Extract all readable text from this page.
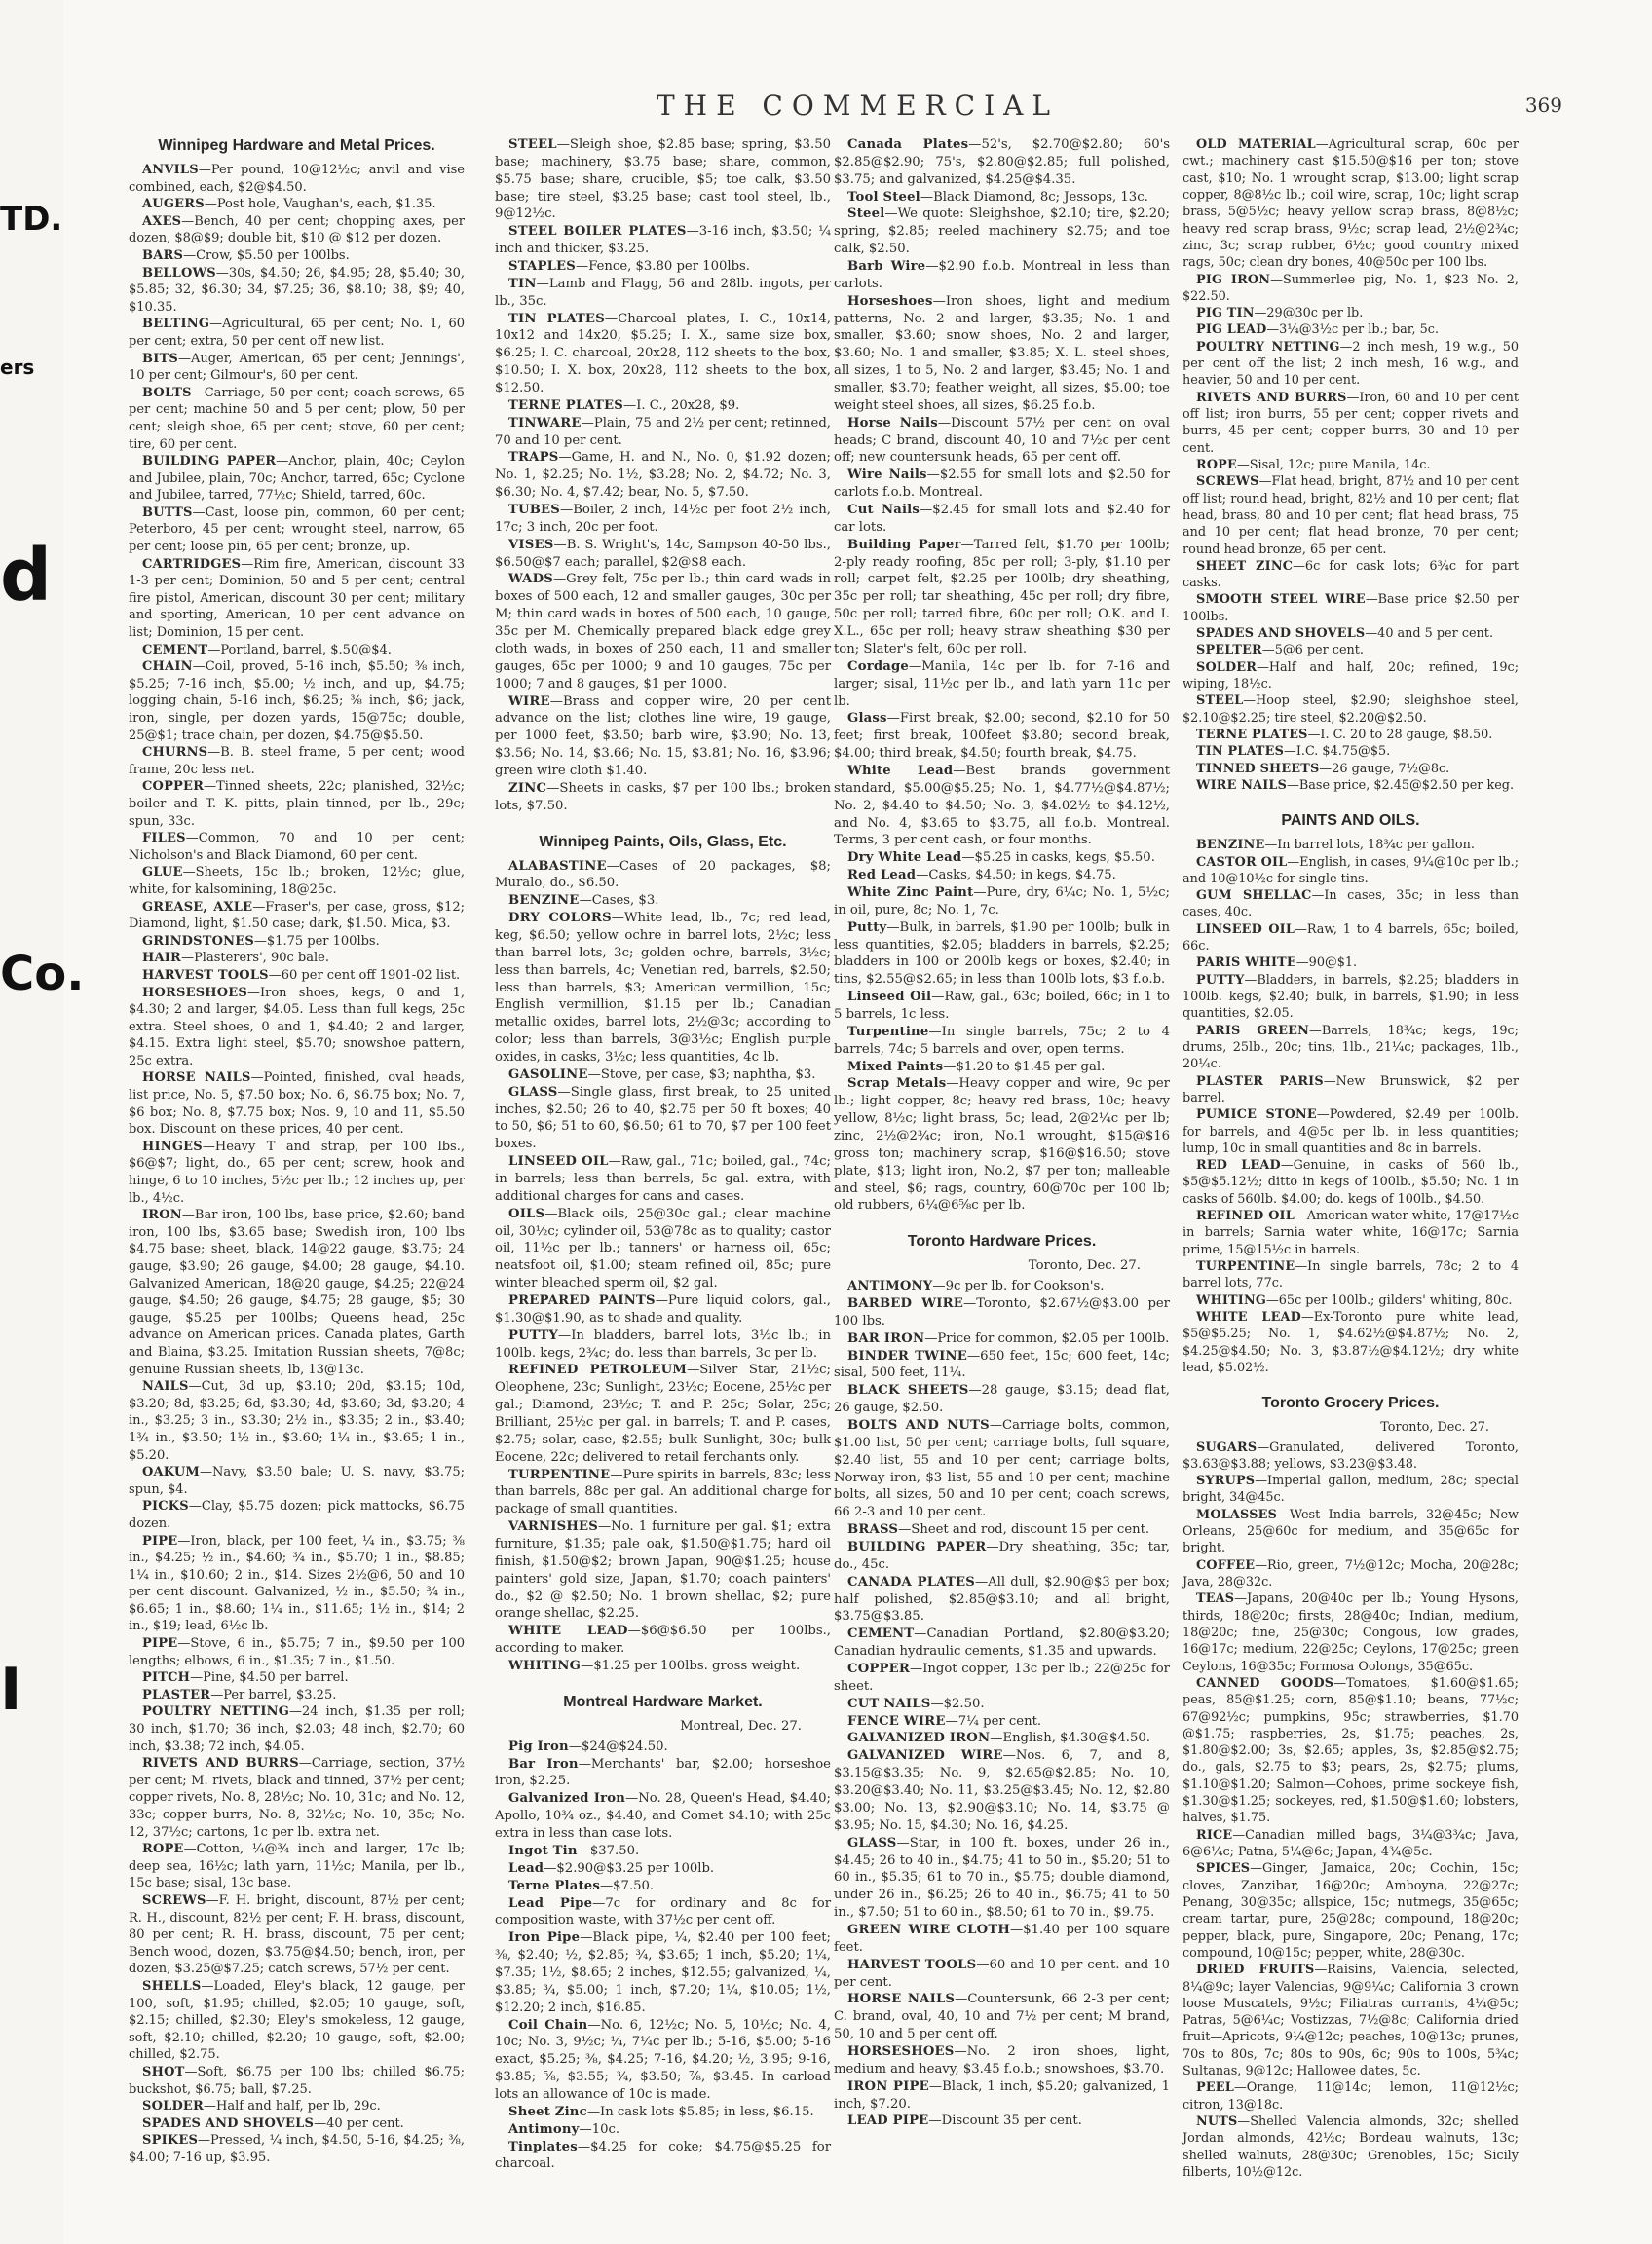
THE COMMERCIAL	369
Winnipeg Hardware and Metal Prices.

ANVILS—Per pound, 10@12½c; anvil and vise combined, each, $2@$4.50.

AUGERS—Post hole, Vaughan's, each, $1.35.

AXES—Bench, 40 per cent; chopping axes, per dozen, $8@$9; double bit, $10 @ $12 per dozen.

BARS—Crow, $5.50 per 100lbs.

BELLOWS—30s, $4.50; 26, $4.95; 28, $5.40; 30, $5.85; 32, $6.30; 34, $7.25; 36, $8.10; 38, $9; 40, $10.35.

BELTING—Agricultural, 65 per cent; No. 1, 60 per cent; extra, 50 per cent off new list.

BITS—Auger, American, 65 per cent; Jennings', 10 per cent; Gilmour's, 60 per cent.

BOLTS—Carriage, 50 per cent; coach screws, 65 per cent; machine 50 and 5 per cent; plow, 50 per cent; sleigh shoe, 65 per cent; stove, 60 per cent; tire, 60 per cent.

BUILDING PAPER—Anchor, plain, 40c; Ceylon and Jubilee, plain, 70c; Anchor, tarred, 65c; Cyclone and Jubilee, tarred, 77½c; Shield, tarred, 60c.

BUTTS—Cast, loose pin, common, 60 per cent; Peterboro, 45 per cent; wrought steel, narrow, 65 per cent; loose pin, 65 per cent; bronze, up.

CARTRIDGES—Rim fire, American, discount 33 1-3 per cent; Dominion, 50 and 5 per cent; central fire pistol, American, discount 30 per cent; military and sporting, American, 10 per cent advance on list; Dominion, 15 per cent.

CEMENT—Portland, barrel, $.50@$4.

CHAIN—Coil, proved, 5-16 inch, $5.50; ⅜ inch, $5.25; 7-16 inch, $5.00; ½ inch, and up, $4.75; logging chain, 5-16 inch, $6.25; ⅜ inch, $6; jack, iron, single, per dozen yards, 15@75c; double, 25@$1; trace chain, per dozen, $4.75@$5.50.

CHURNS—B. B. steel frame, 5 per cent; wood frame, 20c less net.

COPPER—Tinned sheets, 22c; planished, 32½c; boiler and T. K. pitts, plain tinned, per lb., 29c; spun, 33c.

FILES—Common, 70 and 10 per cent; Nicholson's and Black Diamond, 60 per cent.

GLUE—Sheets, 15c lb.; broken, 12½c; glue, white, for kalsomining, 18@25c.

GREASE, AXLE—Fraser's, per case, gross, $12; Diamond, light, $1.50 case; dark, $1.50. Mica, $3.

GRINDSTONES—$1.75 per 100lbs.

HAIR—Plasterers', 90c bale.

HARVEST TOOLS—60 per cent off 1901-02 list.

HORSESHOES—Iron shoes, kegs, 0 and 1, $4.30; 2 and larger, $4.05. Less than full kegs, 25c extra. Steel shoes, 0 and 1, $4.40; 2 and larger, $4.15. Extra light steel, $5.70; snowshoe pattern, 25c extra.

HORSE NAILS—Pointed, finished, oval heads, list price, No. 5, $7.50 box; No. 6, $6.75 box; No. 7, $6 box; No. 8, $7.75 box; Nos. 9, 10 and 11, $5.50 box. Discount on these prices, 40 per cent.

HINGES—Heavy T and strap, per 100 lbs., $6@$7; light, do., 65 per cent; screw, hook and hinge, 6 to 10 inches, 5½c per lb.; 12 inches up, per lb., 4½c.

IRON—Bar iron, 100 lbs, base price, $2.60; band iron, 100 lbs, $3.65 base; Swedish iron, 100 lbs $4.75 base; sheet, black, 14@22 gauge, $3.75; 24 gauge, $3.90; 26 gauge, $4.00; 28 gauge, $4.10. Galvanized American, 18@20 gauge, $4.25; 22@24 gauge, $4.50; 26 gauge, $4.75; 28 gauge, $5; 30 gauge, $5.25 per 100lbs; Queens head, 25c advance on American prices. Canada plates, Garth and Blaina, $3.25. Imitation Russian sheets, 7@8c; genuine Russian sheets, lb, 13@13c.

NAILS—Cut, 3d up, $3.10; 20d, $3.15; 10d, $3.20; 8d, $3.25; 6d, $3.30; 4d, $3.60; 3d, $3.20; 4 in., $3.25; 3 in., $3.30; 2½ in., $3.35; 2 in., $3.40; 1¾ in., $3.50; 1½ in., $3.60; 1¼ in., $3.65; 1 in., $5.20.

OAKUM—Navy, $3.50 bale; U. S. navy, $3.75; spun, $4.

PICKS—Clay, $5.75 dozen; pick mattocks, $6.75 dozen.

PIPE—Iron, black, per 100 feet, ¼ in., $3.75; ⅜ in., $4.25; ½ in., $4.60; ¾ in., $5.70; 1 in., $8.85; 1¼ in., $10.60; 2 in., $14. Sizes 2½@6, 50 and 10 per cent discount. Galvanized, ½ in., $5.50; ¾ in., $6.65; 1 in., $8.60; 1¼ in., $11.65; 1½ in., $14; 2 in., $19; lead, 6½c lb.

PIPE—Stove, 6 in., $5.75; 7 in., $9.50 per 100 lengths; elbows, 6 in., $1.35; 7 in., $1.50.

PITCH—Pine, $4.50 per barrel.

PLASTER—Per barrel, $3.25.

POULTRY NETTING—24 inch, $1.35 per roll; 30 inch, $1.70; 36 inch, $2.03; 48 inch, $2.70; 60 inch, $3.38; 72 inch, $4.05.

RIVETS AND BURRS—Carriage, section, 37½ per cent; M. rivets, black and tinned, 37½ per cent; copper rivets, No. 8, 28½c; No. 10, 31c; and No. 12, 33c; copper burrs, No. 8, 32½c; No. 10, 35c; No. 12, 37½c; cartons, 1c per lb. extra net.

ROPE—Cotton, ¼@¾ inch and larger, 17c lb; deep sea, 16½c; lath yarn, 11½c; Manila, per lb., 15c base; sisal, 13c base.

SCREWS—F. H. bright, discount, 87½ per cent; R. H., discount, 82½ per cent; F. H. brass, discount, 80 per cent; R. H. brass, discount, 75 per cent; Bench wood, dozen, $3.75@$4.50; bench, iron, per dozen, $3.25@$7.25; catch screws, 57½ per cent.

SHELLS—Loaded, Eley's black, 12 gauge, per 100, soft, $1.95; chilled, $2.05; 10 gauge, soft, $2.15; chilled, $2.30; Eley's smokeless, 12 gauge, soft, $2.10; chilled, $2.20; 10 gauge, soft, $2.00; chilled, $2.75.

SHOT—Soft, $6.75 per 100 lbs; chilled $6.75; buckshot, $6.75; ball, $7.25.

SOLDER—Half and half, per lb, 29c.

SPADES AND SHOVELS—40 per cent.

SPIKES—Pressed, ¼ inch, $4.50, 5-16, $4.25; ⅜, $4.00; 7-16 up, $3.95.

STEEL—Sleigh shoe, $2.85 base; spring, $3.50 base; machinery, $3.75 base; share, common, $5.75 base; share, crucible, $5; toe calk, $3.50 base; tire steel, $3.25 base; cast tool steel, lb., 9@12½c.

STEEL BOILER PLATES—3-16 inch, $3.50; ¼ inch and thicker, $3.25.

STAPLES—Fence, $3.80 per 100lbs.

TIN—Lamb and Flagg, 56 and 28lb. ingots, per lb., 35c.

TIN PLATES—Charcoal plates, I. C., 10x14, 10x12 and 14x20, $5.25; I. X., same size box, $6.25; I. C. charcoal, 20x28, 112 sheets to the box, $10.50; I. X. box, 20x28, 112 sheets to the box, $12.50.

TERNE PLATES—I. C., 20x28, $9.

TINWARE—Plain, 75 and 2½ per cent; retinned, 70 and 10 per cent.

TRAPS—Game, H. and N., No. 0, $1.92 dozen; No. 1, $2.25; No. 1½, $3.28; No. 2, $4.72; No. 3, $6.30; No. 4, $7.42; bear, No. 5, $7.50.

TUBES—Boiler, 2 inch, 14½c per foot 2½ inch, 17c; 3 inch, 20c per foot.

VISES—B. S. Wright's, 14c, Sampson 40-50 lbs., $6.50@$7 each; parallel, $2@$8 each.

WADS—Grey felt, 75c per lb.; thin card wads in boxes of 500 each, 12 and smaller gauges, 30c per M; thin card wads in boxes of 500 each, 10 gauge, 35c per M. Chemically prepared black edge grey cloth wads, in boxes of 250 each, 11 and smaller gauges, 65c per 1000; 9 and 10 gauges, 75c per 1000; 7 and 8 gauges, $1 per 1000.

WIRE—Brass and copper wire, 20 per cent advance on the list; clothes line wire, 19 gauge, per 1000 feet, $3.50; barb wire, $3.90; No. 13, $3.56; No. 14, $3.66; No. 15, $3.81; No. 16, $3.96; green wire cloth $1.40.

ZINC—Sheets in casks, $7 per 100 lbs.; broken lots, $7.50.

Winnipeg Paints, Oils, Glass, Etc.

ALABASTINE—Cases of 20 packages, $8; Muralo, do., $6.50.

BENZINE—Cases, $3.

DRY COLORS—White lead, lb., 7c; red lead, keg, $6.50; yellow ochre in barrel lots, 2½c; less than barrel lots, 3c; golden ochre, barrels, 3½c; less than barrels, 4c; Venetian red, barrels, $2.50; less than barrels, $3; American vermillion, 15c; English vermillion, $1.15 per lb.; Canadian metallic oxides, barrel lots, 2½@3c; according to color; less than barrels, 3@3½c; English purple oxides, in casks, 3½c; less quantities, 4c lb.

GASOLINE—Stove, per case, $3; naphtha, $3.

GLASS—Single glass, first break, to 25 united inches, $2.50; 26 to 40, $2.75 per 50 ft boxes; 40 to 50, $6; 51 to 60, $6.50; 61 to 70, $7 per 100 feet boxes.

LINSEED OIL—Raw, gal., 71c; boiled, gal., 74c; in barrels; less than barrels, 5c gal. extra, with additional charges for cans and cases.

OILS—Black oils, 25@30c gal.; clear machine oil, 30½c; cylinder oil, 53@78c as to quality; castor oil, 11½c per lb.; tanners' or harness oil, 65c; neatsfoot oil, $1.00; steam refined oil, 85c; pure winter bleached sperm oil, $2 gal.

PREPARED PAINTS—Pure liquid colors, gal., $1.30@$1.90, as to shade and quality.

PUTTY—In bladders, barrel lots, 3½c lb.; in 100lb. kegs, 2¾c; do. less than barrels, 3c per lb.

REFINED PETROLEUM—Silver Star, 21½c; Oleophene, 23c; Sunlight, 23½c; Eocene, 25½c per gal.; Diamond, 23½c; T. and P. 25c; Solar, 25c; Brilliant, 25½c per gal. in barrels; T. and P. cases, $2.75; solar, case, $2.55; bulk Sunlight, 30c; bulk Eocene, 22c; delivered to retail ferchants only.

TURPENTINE—Pure spirits in barrels, 83c; less than barrels, 88c per gal. An additional charge for package of small quantities.

VARNISHES—No. 1 furniture per gal. $1; extra furniture, $1.35; pale oak, $1.50@$1.75; hard oil finish, $1.50@$2; brown Japan, 90@$1.25; house painters' gold size, Japan, $1.70; coach painters' do., $2 @ $2.50; No. 1 brown shellac, $2; pure orange shellac, $2.25.

WHITE LEAD—$6@$6.50 per 100lbs., according to maker.

WHITING—$1.25 per 100lbs. gross weight.

Montreal Hardware Market.
Montreal, Dec. 27.

Pig Iron—$24@$24.50.

Bar Iron—Merchants' bar, $2.00; horseshoe iron, $2.25.

Galvanized Iron—No. 28, Queen's Head, $4.40; Apollo, 10¾ oz., $4.40, and Comet $4.10; with 25c extra in less than case lots.

Ingot Tin—$37.50.

Lead—$2.90@$3.25 per 100lb.

Terne Plates—$7.50.

Lead Pipe—7c for ordinary and 8c for composition waste, with 37½c per cent off.

Iron Pipe—Black pipe, ¼, $2.40 per 100 feet; ⅜, $2.40; ½, $2.85; ¾, $3.65; 1 inch, $5.20; 1¼, $7.35; 1½, $8.65; 2 inches, $12.55; galvanized, ¼, $3.85; ¾, $5.00; 1 inch, $7.20; 1¼, $10.05; 1½, $12.20; 2 inch, $16.85.

Coil Chain—No. 6, 12½c; No. 5, 10½c; No. 4, 10c; No. 3, 9½c; ¼, 7¼c per lb.; 5-16, $5.00; 5-16 exact, $5.25; ⅜, $4.25; 7-16, $4.20; ½, 3.95; 9-16, $3.85; ⅝, $3.55; ¾, $3.50; ⅞, $3.45. In carload lots an allowance of 10c is made.

Sheet Zinc—In cask lots $5.85; in less, $6.15.

Antimony—10c.

Tinplates—$4.25 for coke; $4.75@$5.25 for charcoal.

Canada Plates—52's, $2.70@$2.80; 60's $2.85@$2.90; 75's, $2.80@$2.85; full polished, $3.75; and galvanized, $4.25@$4.35.

Tool Steel—Black Diamond, 8c; Jessops, 13c.

Steel—We quote: Sleighshoe, $2.10; tire, $2.20; spring, $2.85; reeled machinery $2.75; and toe calk, $2.50.

Barb Wire—$2.90 f.o.b. Montreal in less than carlots.

Horseshoes—Iron shoes, light and medium patterns, No. 2 and larger, $3.35; No. 1 and smaller, $3.60; snow shoes, No. 2 and larger, $3.60; No. 1 and smaller, $3.85; X. L. steel shoes, all sizes, 1 to 5, No. 2 and larger, $3.45; No. 1 and smaller, $3.70; feather weight, all sizes, $5.00; toe weight steel shoes, all sizes, $6.25 f.o.b.

Horse Nails—Discount 57½ per cent on oval heads; C brand, discount 40, 10 and 7½c per cent off; new countersunk heads, 65 per cent off.

Wire Nails—$2.55 for small lots and $2.50 for carlots f.o.b. Montreal.

Cut Nails—$2.45 for small lots and $2.40 for car lots.

Building Paper—Tarred felt, $1.70 per 100lb; 2-ply ready roofing, 85c per roll; 3-ply, $1.10 per roll; carpet felt, $2.25 per 100lb; dry sheathing, 35c per roll; tar sheathing, 45c per roll; dry fibre, 50c per roll; tarred fibre, 60c per roll; O.K. and I. X.L., 65c per roll; heavy straw sheathing $30 per ton; Slater's felt, 60c per roll.

Cordage—Manila, 14c per lb. for 7-16 and larger; sisal, 11½c per lb., and lath yarn 11c per lb.

Glass—First break, $2.00; second, $2.10 for 50 feet; first break, 100feet $3.80; second break, $4.00; third break, $4.50; fourth break, $4.75.

White Lead—Best brands government standard, $5.00@$5.25; No. 1, $4.77½@$4.87½; No. 2, $4.40 to $4.50; No. 3, $4.02½ to $4.12½, and No. 4, $3.65 to $3.75, all f.o.b. Montreal. Terms, 3 per cent cash, or four months.

Dry White Lead—$5.25 in casks, kegs, $5.50.

Red Lead—Casks, $4.50; in kegs, $4.75.

White Zinc Paint—Pure, dry, 6¼c; No. 1, 5½c; in oil, pure, 8c; No. 1, 7c.

Putty—Bulk, in barrels, $1.90 per 100lb; bulk in less quantities, $2.05; bladders in barrels, $2.25; bladders in 100 or 200lb kegs or boxes, $2.40; in tins, $2.55@$2.65; in less than 100lb lots, $3 f.o.b.

Linseed Oil—Raw, gal., 63c; boiled, 66c; in 1 to 5 barrels, 1c less.

Turpentine—In single barrels, 75c; 2 to 4 barrels, 74c; 5 barrels and over, open terms.

Mixed Paints—$1.20 to $1.45 per gal.

Scrap Metals—Heavy copper and wire, 9c per lb.; light copper, 8c; heavy red brass, 10c; heavy yellow, 8½c; light brass, 5c; lead, 2@2¼c per lb; zinc, 2½@2¾c; iron, No.1 wrought, $15@$16 gross ton; machinery scrap, $16@$16.50; stove plate, $13; light iron, No.2, $7 per ton; malleable and steel, $6; rags, country, 60@70c per 100 lb; old rubbers, 6¼@6⅝c per lb.

Toronto Hardware Prices.
Toronto, Dec. 27.

ANTIMONY—9c per lb. for Cookson's.

BARBED WIRE—Toronto, $2.67½@$3.00 per 100 lbs.

BAR IRON—Price for common, $2.05 per 100lb.

BINDER TWINE—650 feet, 15c; 600 feet, 14c; sisal, 500 feet, 11¼.

BLACK SHEETS—28 gauge, $3.15; dead flat, 26 gauge, $2.50.

BOLTS AND NUTS—Carriage bolts, common, $1.00 list, 50 per cent; carriage bolts, full square, $2.40 list, 55 and 10 per cent; carriage bolts, Norway iron, $3 list, 55 and 10 per cent; machine bolts, all sizes, 50 and 10 per cent; coach screws, 66 2-3 and 10 per cent.

BRASS—Sheet and rod, discount 15 per cent.

BUILDING PAPER—Dry sheathing, 35c; tar, do., 45c.

CANADA PLATES—All dull, $2.90@$3 per box; half polished, $2.85@$3.10; and all bright, $3.75@$3.85.

CEMENT—Canadian Portland, $2.80@$3.20; Canadian hydraulic cements, $1.35 and upwards.

COPPER—Ingot copper, 13c per lb.; 22@25c for sheet.

CUT NAILS—$2.50.

FENCE WIRE—7¼ per cent.

GALVANIZED IRON—English, $4.30@$4.50.

GALVANIZED WIRE—Nos. 6, 7, and 8, $3.15@$3.35; No. 9, $2.65@$2.85; No. 10, $3.20@$3.40; No. 11, $3.25@$3.45; No. 12, $2.80 $3.00; No. 13, $2.90@$3.10; No. 14, $3.75 @ $3.95; No. 15, $4.30; No. 16, $4.25.

GLASS—Star, in 100 ft. boxes, under 26 in., $4.45; 26 to 40 in., $4.75; 41 to 50 in., $5.20; 51 to 60 in., $5.35; 61 to 70 in., $5.75; double diamond, under 26 in., $6.25; 26 to 40 in., $6.75; 41 to 50 in., $7.50; 51 to 60 in., $8.50; 61 to 70 in., $9.75.

GREEN WIRE CLOTH—$1.40 per 100 square feet.

HARVEST TOOLS—60 and 10 per cent. and 10 per cent.

HORSE NAILS—Countersunk, 66 2-3 per cent; C. brand, oval, 40, 10 and 7½ per cent; M brand, 50, 10 and 5 per cent off.

HORSESHOES—No. 2 iron shoes, light, medium and heavy, $3.45 f.o.b.; snowshoes, $3.70.

IRON PIPE—Black, 1 inch, $5.20; galvanized, 1 inch, $7.20.

LEAD PIPE—Discount 35 per cent.

OLD MATERIAL—Agricultural scrap, 60c per cwt.; machinery cast $15.50@$16 per ton; stove cast, $10; No. 1 wrought scrap, $13.00; light scrap copper, 8@8½c lb.; coil wire, scrap, 10c; light scrap brass, 5@5½c; heavy yellow scrap brass, 8@8½c; heavy red scrap brass, 9½c; scrap lead, 2½@2¾c; zinc, 3c; scrap rubber, 6½c; good country mixed rags, 50c; clean dry bones, 40@50c per 100 lbs.

PIG IRON—Summerlee pig, No. 1, $23 No. 2, $22.50.

PIG TIN—29@30c per lb.

PIG LEAD—3¼@3½c per lb.; bar, 5c.

POULTRY NETTING—2 inch mesh, 19 w.g., 50 per cent off the list; 2 inch mesh, 16 w.g., and heavier, 50 and 10 per cent.

RIVETS AND BURRS—Iron, 60 and 10 per cent off list; iron burrs, 55 per cent; copper rivets and burrs, 45 per cent; copper burrs, 30 and 10 per cent.

ROPE—Sisal, 12c; pure Manila, 14c.

SCREWS—Flat head, bright, 87½ and 10 per cent off list; round head, bright, 82½ and 10 per cent; flat head, brass, 80 and 10 per cent; flat head brass, 75 and 10 per cent; flat head bronze, 70 per cent; round head bronze, 65 per cent.

SHEET ZINC—6c for cask lots; 6¾c for part casks.

SMOOTH STEEL WIRE—Base price $2.50 per 100lbs.

SPADES AND SHOVELS—40 and 5 per cent.

SPELTER—5@6 per cent.

SOLDER—Half and half, 20c; refined, 19c; wiping, 18½c.

STEEL—Hoop steel, $2.90; sleighshoe steel, $2.10@$2.25; tire steel, $2.20@$2.50.

TERNE PLATES—I. C. 20 to 28 gauge, $8.50.

TIN PLATES—I.C. $4.75@$5.

TINNED SHEETS—26 gauge, 7½@8c.

WIRE NAILS—Base price, $2.45@$2.50 per keg.

PAINTS AND OILS.

BENZINE—In barrel lots, 18¾c per gallon.

CASTOR OIL—English, in cases, 9¼@10c per lb.; and 10@10½c for single tins.

GUM SHELLAC—In cases, 35c; in less than cases, 40c.

LINSEED OIL—Raw, 1 to 4 barrels, 65c; boiled, 66c.

PARIS WHITE—90@$1.

PUTTY—Bladders, in barrels, $2.25; bladders in 100lb. kegs, $2.40; bulk, in barrels, $1.90; in less quantities, $2.05.

PARIS GREEN—Barrels, 18¾c; kegs, 19c; drums, 25lb., 20c; tins, 1lb., 21¼c; packages, 1lb., 20¼c.

PLASTER PARIS—New Brunswick, $2 per barrel.

PUMICE STONE—Powdered, $2.49 per 100lb. for barrels, and 4@5c per lb. in less quantities; lump, 10c in small quantities and 8c in barrels.

RED LEAD—Genuine, in casks of 560 lb., $5@$5.12½; ditto in kegs of 100lb., $5.50; No. 1 in casks of 560lb. $4.00; do. kegs of 100lb., $4.50.

REFINED OIL—American water white, 17@17½c in barrels; Sarnia water white, 16@17c; Sarnia prime, 15@15½c in barrels.

TURPENTINE—In single barrels, 78c; 2 to 4 barrel lots, 77c.

WHITING—65c per 100lb.; gilders' whiting, 80c.

WHITE LEAD—Ex-Toronto pure white lead, $5@$5.25; No. 1, $4.62½@$4.87½; No. 2, $4.25@$4.50; No. 3, $3.87½@$4.12½; dry white lead, $5.02½.

Toronto Grocery Prices.
Toronto, Dec. 27.

SUGARS—Granulated, delivered Toronto, $3.63@$3.88; yellows, $3.23@$3.48.

SYRUPS—Imperial gallon, medium, 28c; special bright, 34@45c.

MOLASSES—West India barrels, 32@45c; New Orleans, 25@60c for medium, and 35@65c for bright.

COFFEE—Rio, green, 7½@12c; Mocha, 20@28c; Java, 28@32c.

TEAS—Japans, 20@40c per lb.; Young Hysons, thirds, 18@20c; firsts, 28@40c; Indian, medium, 18@20c; fine, 25@30c; Congous, low grades, 16@17c; medium, 22@25c; Ceylons, 17@25c; green Ceylons, 16@35c; Formosa Oolongs, 35@65c.

CANNED GOODS—Tomatoes, $1.60@$1.65; peas, 85@$1.25; corn, 85@$1.10; beans, 77½c; 67@92½c; pumpkins, 95c; strawberries, $1.70 @$1.75; raspberries, 2s, $1.75; peaches, 2s, $1.80@$2.00; 3s, $2.65; apples, 3s, $2.85@$2.75; do., gals, $2.75 to $3; pears, 2s, $2.75; plums, $1.10@$1.20; Salmon—Cohoes, prime sockeye fish, $1.30@$1.25; sockeyes, red, $1.50@$1.60; lobsters, halves, $1.75.

RICE—Canadian milled bags, 3¼@3¾c; Java, 6@6¼c; Patna, 5¼@6c; Japan, 4¾@5c.

SPICES—Ginger, Jamaica, 20c; Cochin, 15c; cloves, Zanzibar, 16@20c; Amboyna, 22@27c; Penang, 30@35c; allspice, 15c; nutmegs, 35@65c; cream tartar, pure, 25@28c; compound, 18@20c; pepper, black, pure, Singapore, 20c; Penang, 17c; compound, 10@15c; pepper, white, 28@30c.

DRIED FRUITS—Raisins, Valencia, selected, 8¼@9c; layer Valencias, 9@9¼c; California 3 crown loose Muscatels, 9½c; Filiatras currants, 4¼@5c; Patras, 5@6¼c; Vostizzas, 7½@8c; California dried fruit—Apricots, 9¼@12c; peaches, 10@13c; prunes, 70s to 80s, 7c; 80s to 90s, 6c; 90s to 100s, 5¾c; Sultanas, 9@12c; Hallowee dates, 5c.

PEEL—Orange, 11@14c; lemon, 11@12½c; citron, 13@18c.

NUTS—Shelled Valencia almonds, 32c; shelled Jordan almonds, 42½c; Bordeau walnuts, 13c; shelled walnuts, 28@30c; Grenobles, 15c; Sicily filberts, 10½@12c.

TD.
ers
d
Co.
I
